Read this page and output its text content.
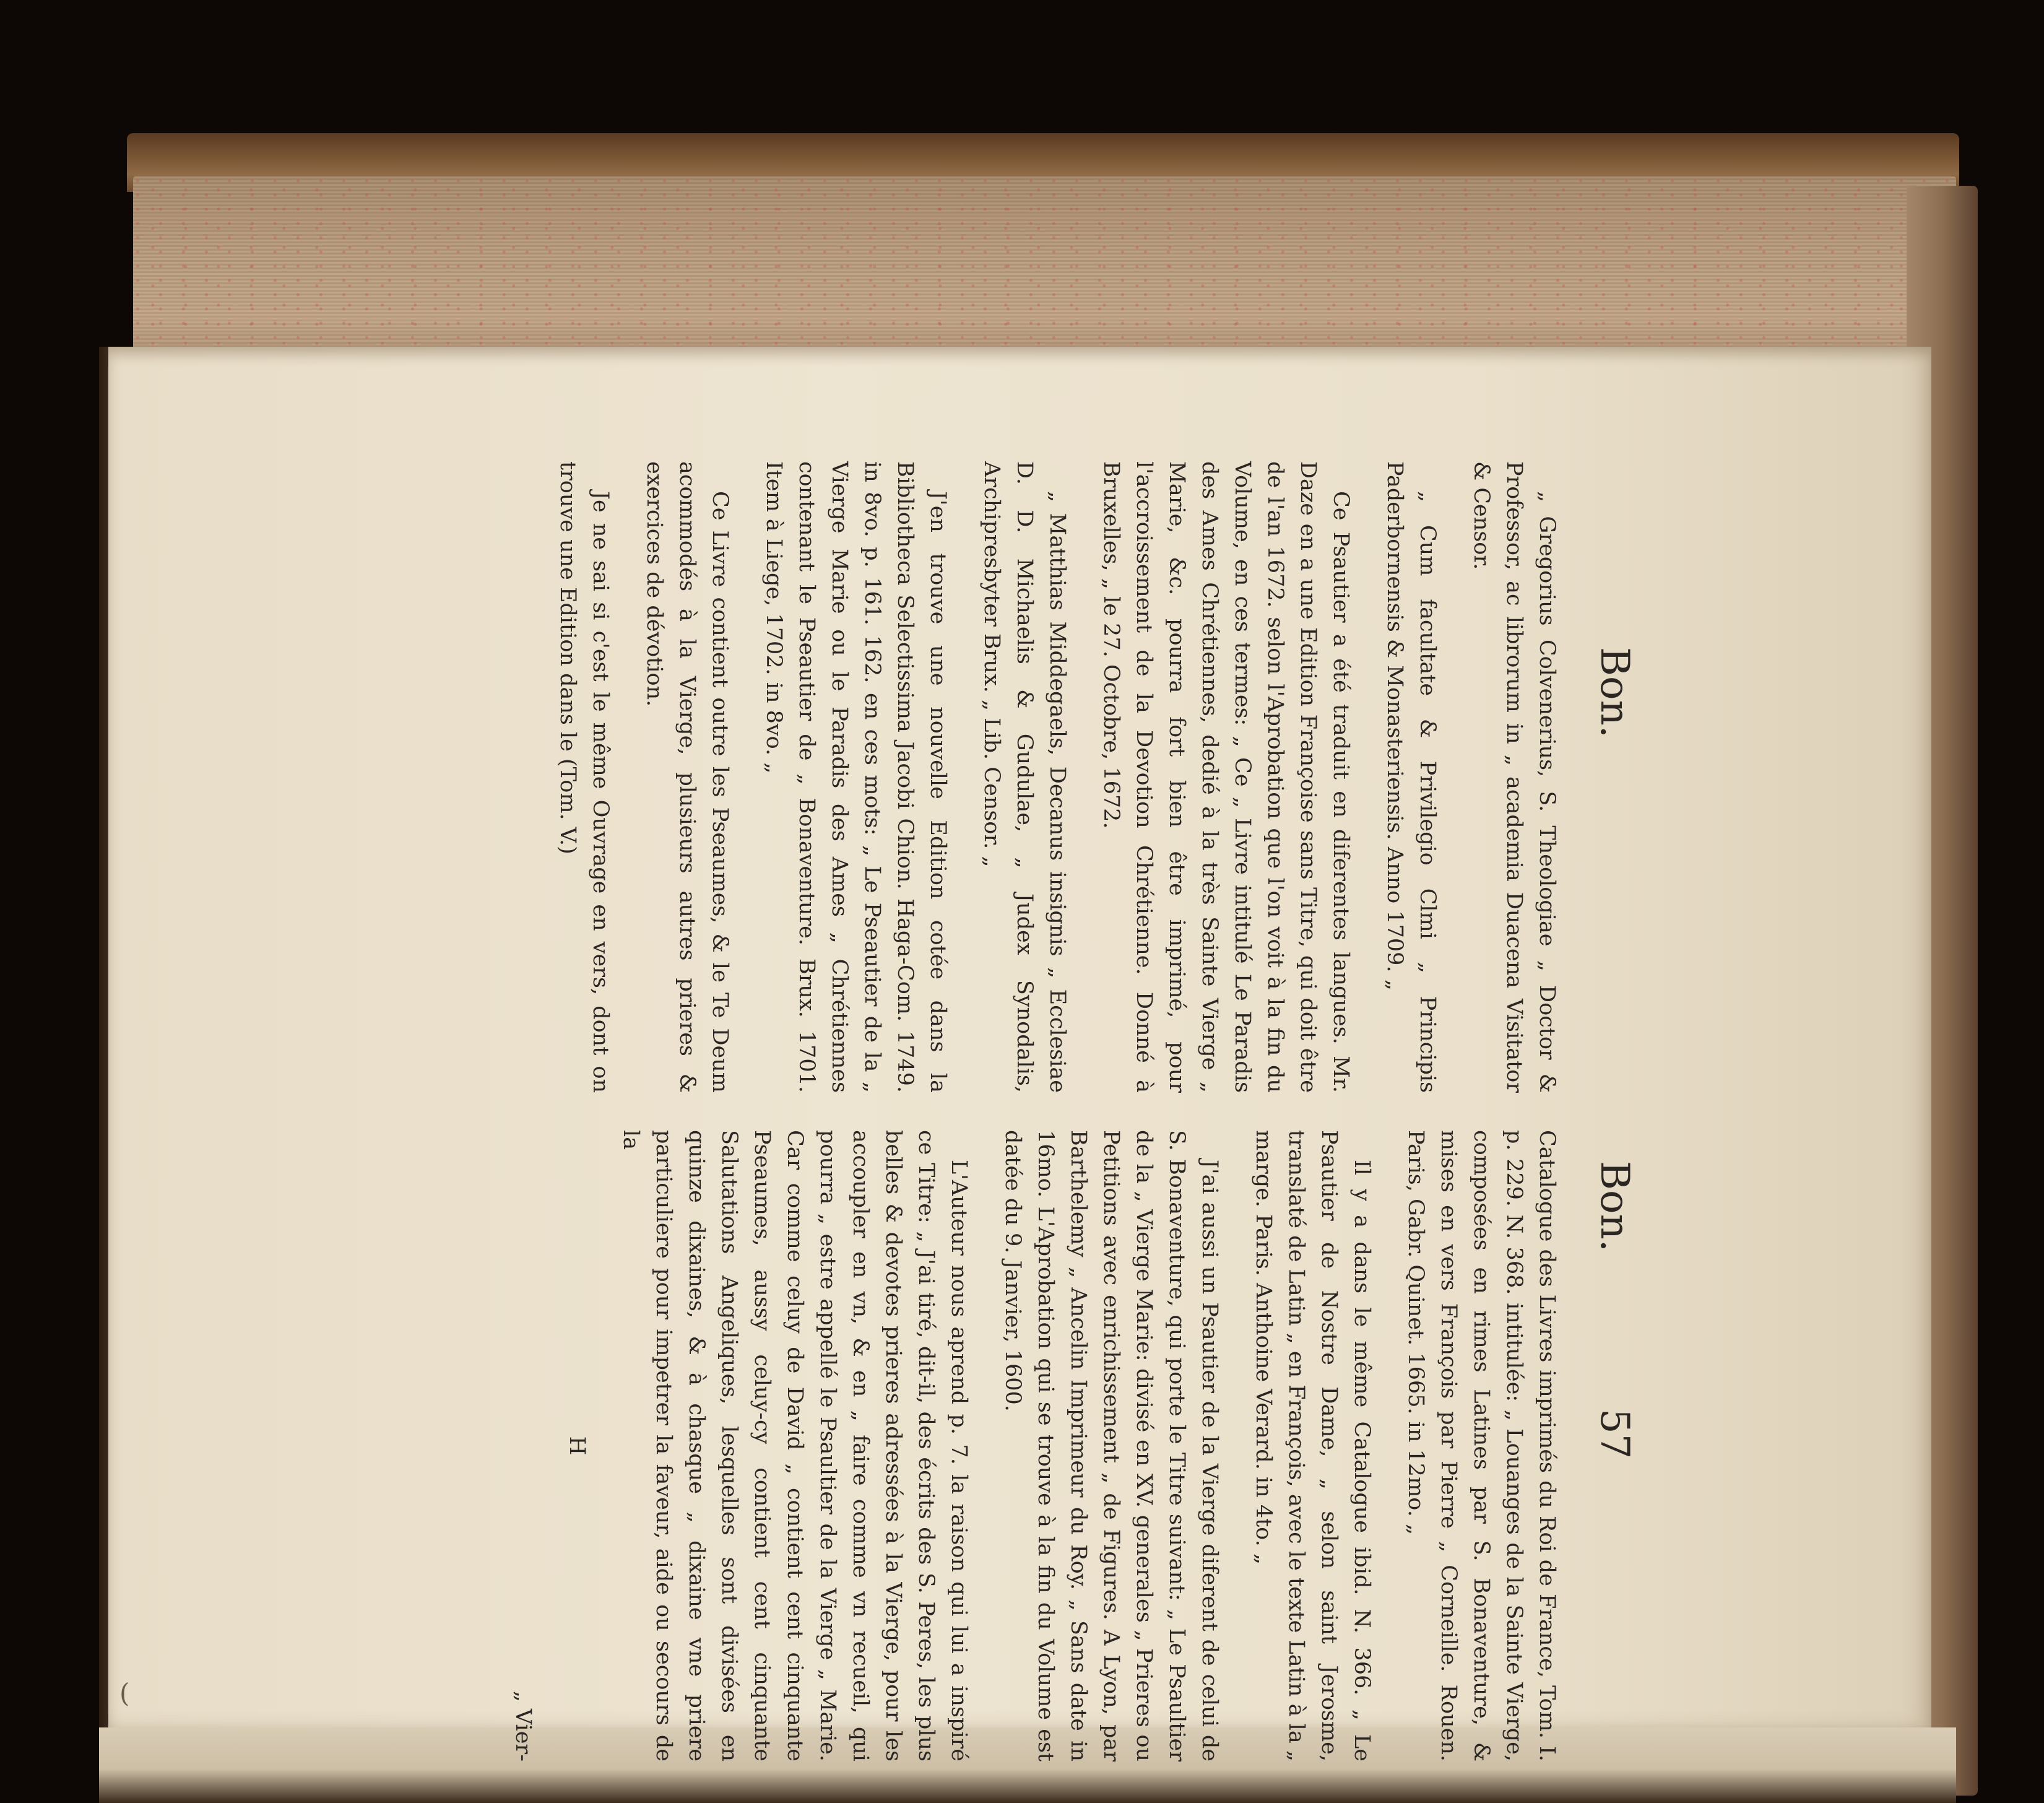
(
Bon.
Bon.
57

„ Gregorius Colvenerius, S. Theologiae „ Doctor & Professor, ac librorum in „ academia Duacena Visitator & Censor.

„ Cum facultate & Privilegio Clmi „ Principis Paderbornensis & Monasteriensis. Anno 1709. „

Ce Psautier a été traduit en diferentes langues. Mr. Daze en a une Edition Françoise sans Titre, qui doit être de l'an 1672. selon l'Aprobation que l'on voit à la fin du Volume, en ces termes: „ Ce „ Livre intitulé Le Paradis des Ames Chrétiennes, dedié à la très Sainte Vierge „ Marie, &c. pourra fort bien être imprimé, pour l'accroissement de la Devotion Chrétienne. Donné à Bruxelles, „ le 27. Octobre, 1672.

„ Matthias Middegaels, Decanus insignis „ Ecclesiae D. D. Michaelis & Gudulae, „ Judex Synodalis, Archipresbyter Brux. „ Lib. Censor. „

J'en trouve une nouvelle Edition cotée dans la Bibliotheca Selectissima Jacobi Chion. Haga-Com. 1749. in 8vo. p. 161. 162. en ces mots: „ Le Pseautier de la „ Vierge Marie ou le Paradis des Ames „ Chrétiennes contenant le Pseautier de „ Bonaventure. Brux. 1701. Item à Liege, 1702. in 8vo. „

Ce Livre contient outre les Pseaumes, & le Te Deum acommodés à la Vierge, plusieurs autres prieres & exercices de dévotion.

Je ne sai si c'est le même Ouvrage en vers, dont on trouve une Edition dans le (Tom. V.)

Catalogue des Livres imprimés du Roi de France, Tom. I. p. 229. N. 368. intitulée: „ Louanges de la Sainte Vierge, composées en rimes Latines par S. Bonaventure, & mises en vers François par Pierre „ Corneille. Rouen. Paris, Gabr. Quinet. 1665. in 12mo. „

Il y a dans le même Catalogue ibid. N. 366. „ Le Psautier de Nostre Dame, „ selon saint Jerosme, translaté de Latin „ en François, avec le texte Latin à la „ marge. Paris. Anthoine Verard. in 4to. „

J'ai aussi un Psautier de la Vierge diferent de celui de S. Bonaventure, qui porte le Titre suivant: „ Le Psaultier de la „ Vierge Marie: divisé en XV. generales „ Prieres ou Petitions avec enrichissement „ de Figures. A Lyon, par Barthelemy „ Ancelin Imprimeur du Roy. „ Sans date in 16mo. L'Aprobation qui se trouve à la fin du Volume est datée du 9. Janvier, 1600.

L'Auteur nous aprend p. 7. la raison qui lui a inspiré ce Titre: „ J'ai tiré, dit-il, des écrits des S. Peres, les plus belles & devotes prieres adressées à la Vierge, pour les accoupler en vn, & en „ faire comme vn recueil, qui pourra „ estre appellé le Psaultier de la Vierge „ Marie. Car comme celuy de David „ contient cent cinquante Pseaumes, aussy celuy-cy contient cent cinquante Salutations Angeliques, lesquelles sont divisées en quinze dixaines, & à chasque „ dixaine vne priere particuliere pour impetrer la faveur, aide ou secours de la

H

„ Vier-
